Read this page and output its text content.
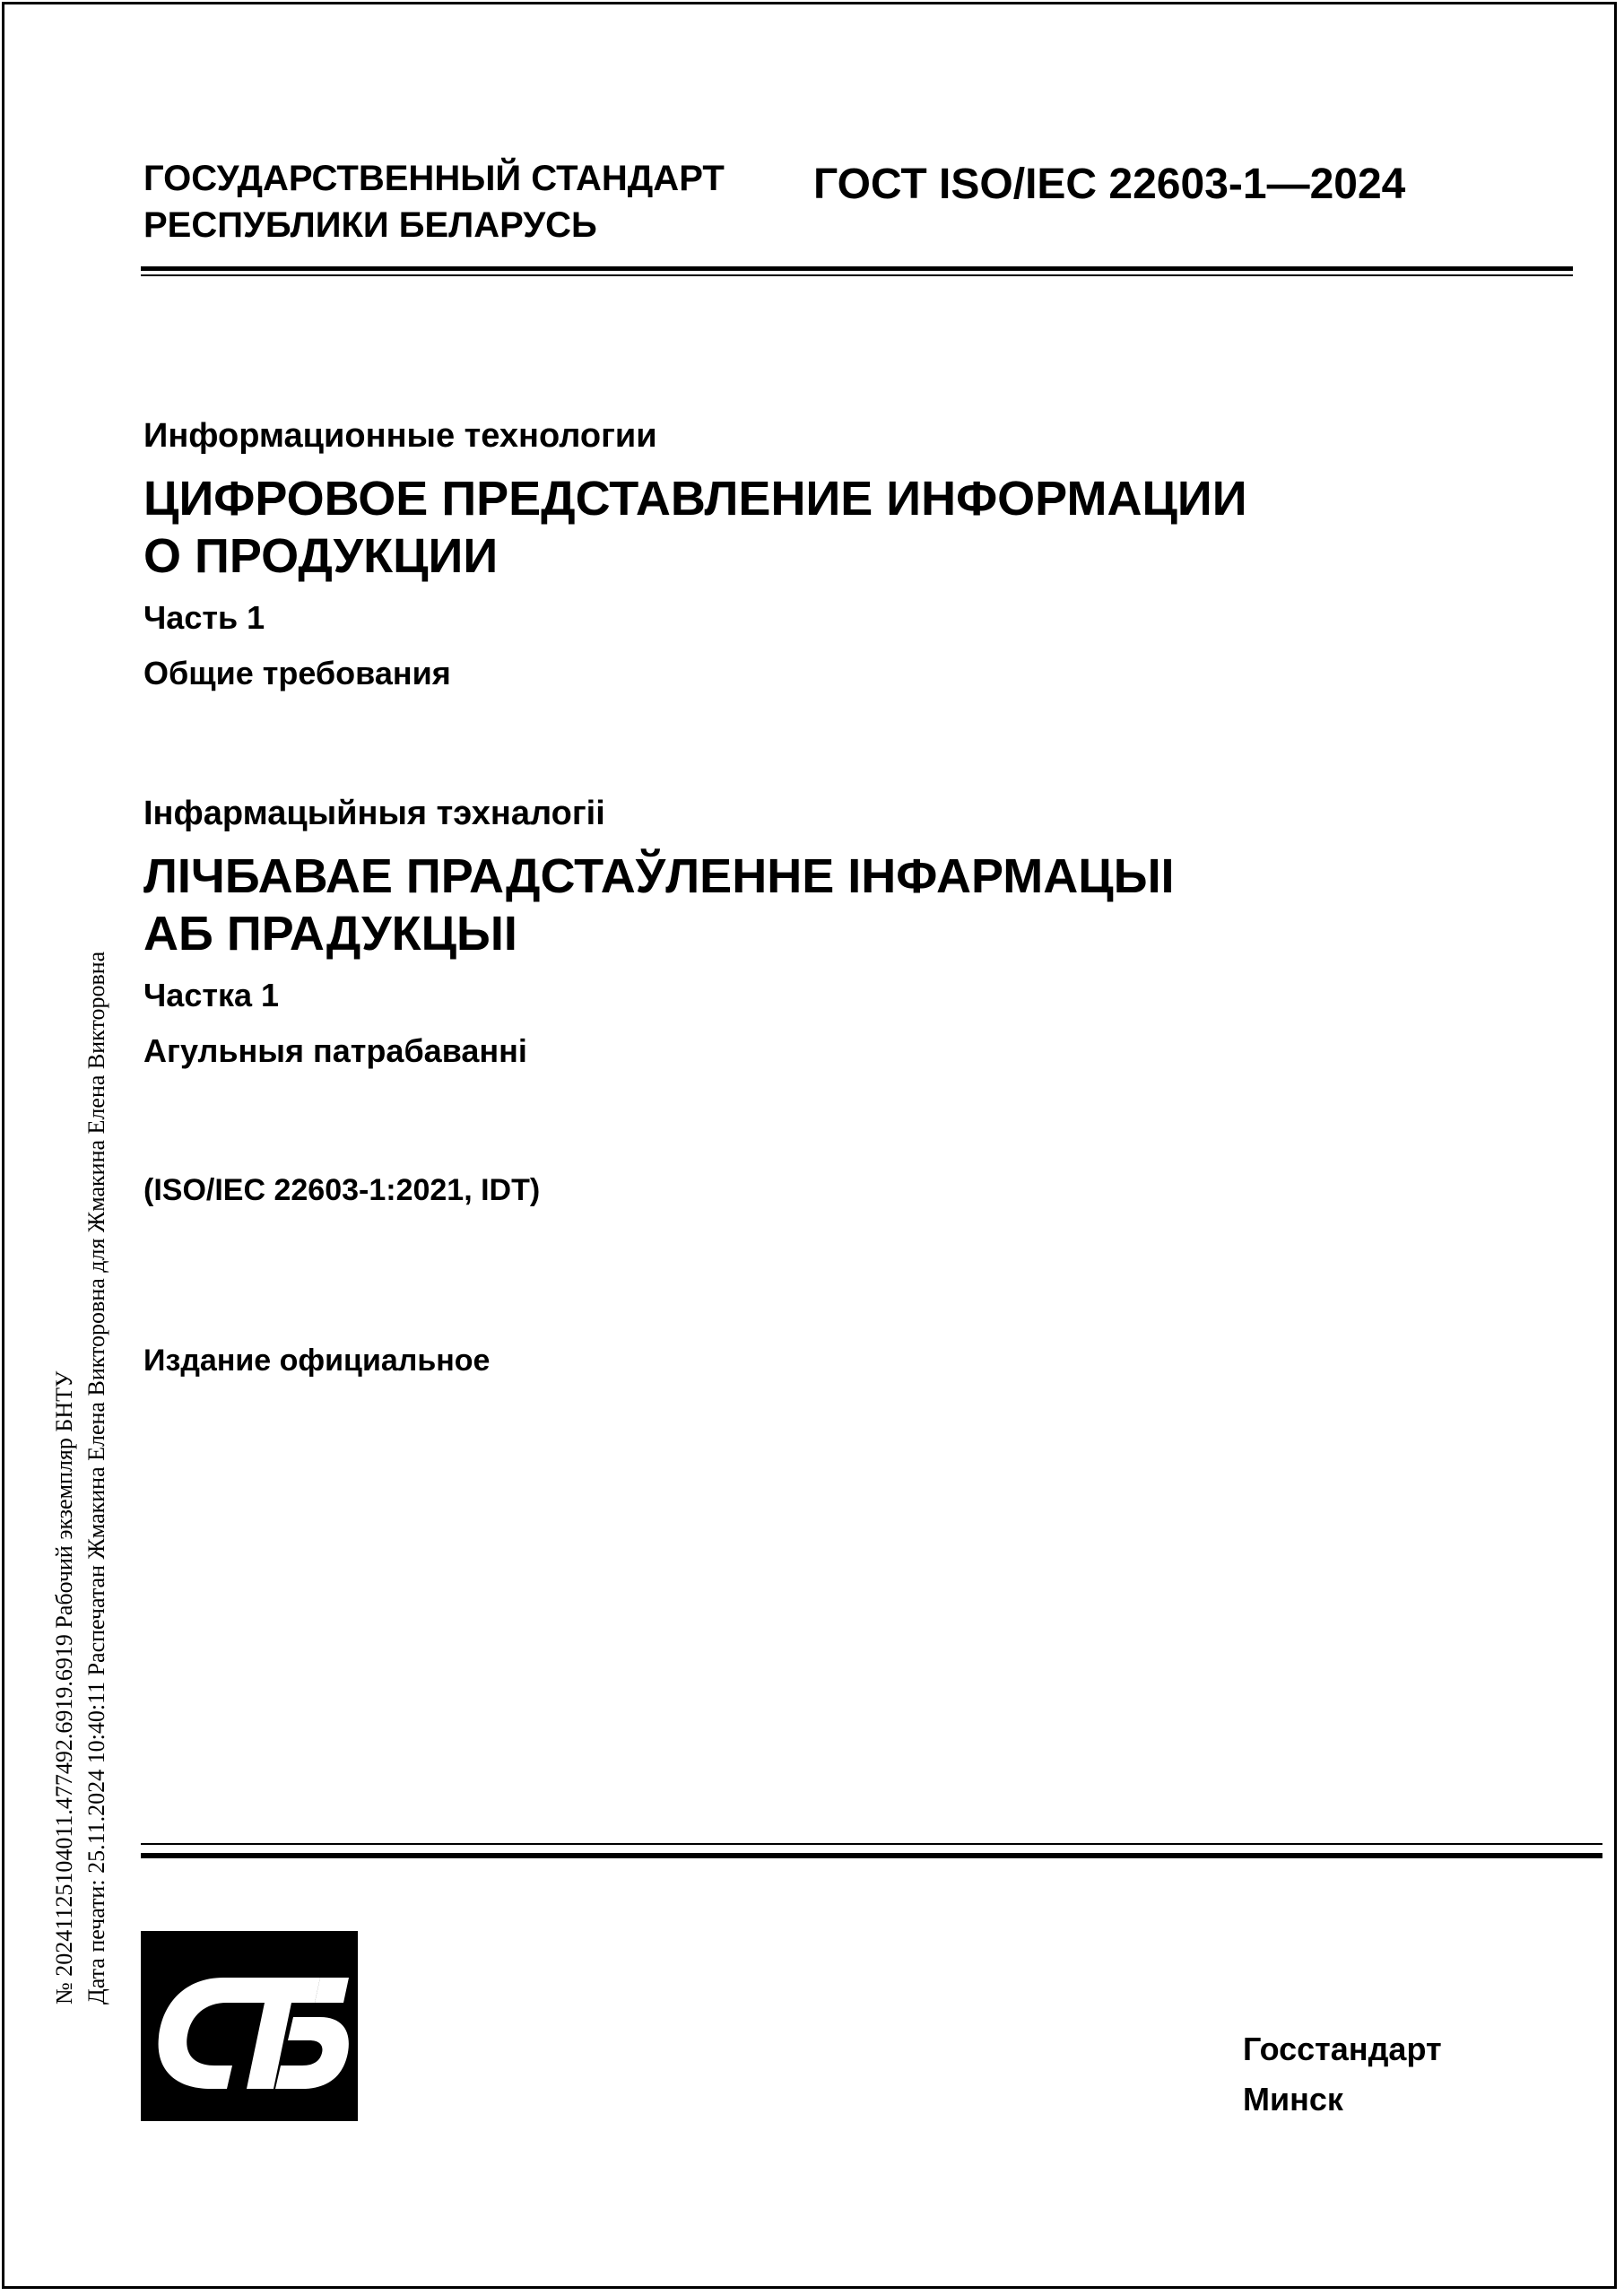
ГОСУДАРСТВЕННЫЙ СТАНДАРТ
РЕСПУБЛИКИ БЕЛАРУСЬ
ГОСТ ISO/IEC 22603-1—2024

Информационные технологии

ЦИФРОВОЕ ПРЕДСТАВЛЕНИЕ ИНФОРМАЦИИ

О ПРОДУКЦИИ

Часть 1

Общие требования

Інфармацыйныя тэхналогіі

ЛІЧБАВАЕ ПРАДСТАЎЛЕННЕ ІНФАРМАЦЫІ

АБ ПРАДУКЦЫІ

Частка 1

Агульныя патрабаванні

(ISO/IEC 22603-1:2021, IDT)
Издание официальное
№ 20241125104011.477492.6919.6919 Рабочий экземпляр БНТУ Дата печати: 25.11.2024 10:40:11 Распечатан Жмакина Елена Викторовна для Жмакина Елена Викторовна
Госстандарт
Минск
